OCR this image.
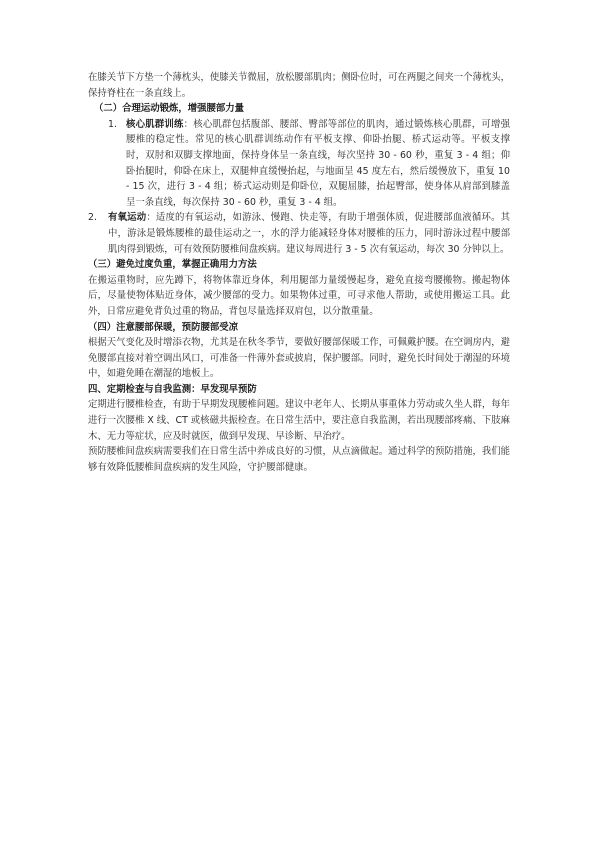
在膝关节下方垫一个薄枕头，使膝关节微屈，放松腰部肌肉；侧卧位时，可在两腿之间夹一个薄枕头，保持脊柱在一条直线上。

（二）合理运动锻炼，增强腰部力量

1. 核心肌群训练：核心肌群包括腹部、腰部、臀部等部位的肌肉，通过锻炼核心肌群，可增强腰椎的稳定性。常见的核心肌群训练动作有平板支撑、仰卧抬腿、桥式运动等。平板支撑时，双肘和双脚支撑地面，保持身体呈一条直线，每次坚持 30 - 60 秒，重复 3 - 4 组；仰卧抬腿时，仰卧在床上，双腿伸直缓慢抬起，与地面呈 45 度左右，然后缓慢放下，重复 10 - 15 次，进行 3 - 4 组；桥式运动则是仰卧位，双腿屈膝，抬起臀部，使身体从肩部到膝盖呈一条直线，每次保持 30 - 60 秒，重复 3 - 4 组。

2.	有氧运动：适度的有氧运动，如游泳、慢跑、快走等，有助于增强体质，促进腰部血液循环。其中，游泳是锻炼腰椎的最佳运动之一，水的浮力能减轻身体对腰椎的压力，同时游泳过程中腰部肌肉得到锻炼，可有效预防腰椎间盘疾病。建议每周进行 3 - 5 次有氧运动，每次 30 分钟以上。

（三）避免过度负重，掌握正确用力方法

在搬运重物时，应先蹲下，将物体靠近身体，利用腿部力量缓慢起身，避免直接弯腰搬物。搬起物体后，尽量使物体贴近身体，减少腰部的受力。如果物体过重，可寻求他人帮助，或使用搬运工具。此外，日常应避免背负过重的物品，背包尽量选择双肩包，以分散重量。

（四）注意腰部保暖，预防腰部受凉

根据天气变化及时增添衣物，尤其是在秋冬季节，要做好腰部保暖工作，可佩戴护腰。在空调房内，避免腰部直接对着空调出风口，可准备一件薄外套或披肩，保护腰部。同时，避免长时间处于潮湿的环境中，如避免睡在潮湿的地板上。

四、定期检查与自我监测：早发现早预防

定期进行腰椎检查，有助于早期发现腰椎问题。建议中老年人、长期从事重体力劳动或久坐人群，每年进行一次腰椎 X 线、CT 或核磁共振检查。在日常生活中，要注意自我监测，若出现腰部疼痛、下肢麻木、无力等症状，应及时就医，做到早发现、早诊断、早治疗。

预防腰椎间盘疾病需要我们在日常生活中养成良好的习惯，从点滴做起。通过科学的预防措施，我们能够有效降低腰椎间盘疾病的发生风险，守护腰部健康。
